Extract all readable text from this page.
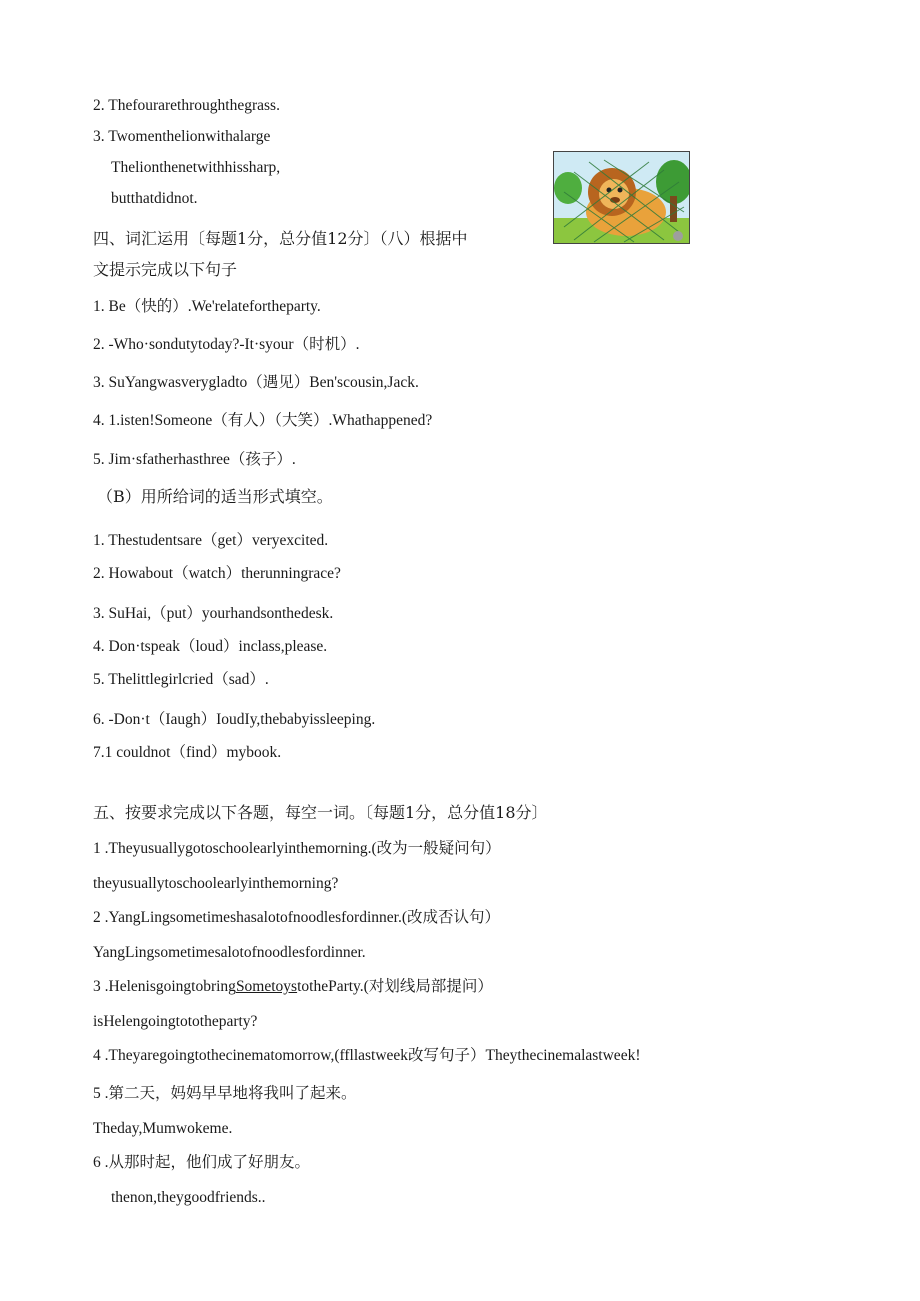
2. Thefourarethroughthegrass.
3. Twomenthelionwithalarge
Thelionthenetwithhissharp,
butthatdidnot.
四、词汇运用〔每题1分，总分值12分〕（八）根据中
文提示完成以下句子
1. Be（快的）.We'relatefortheparty.
2. -Who·sondutytoday?-It·syour（时机）.
3. SuYangwasverygladto（遇见）Ben'scousin,Jack.
4. 1.isten!Someone（有人）（大笑）.Whathappened?
5. Jim·sfatherhasthree（孩子）.
（B）用所给词的适当形式填空。
1. Thestudentsare（get）veryexcited.
2. Howabout（watch）therunningrace?
3. SuHai,（put）yourhandsonthedesk.
4. Don·tspeak（loud）inclass,please.
5. Thelittlegirlcried（sad）.
6. -Don·t（Iaugh）IoudIy,thebabyissleeping.
7.1 couldnot（find）mybook.
五、按要求完成以下各题，每空一词。〔每题1分，总分值18分〕
1 .Theyusuallygotoschoolearlyinthemorning.(改为一般疑问句）
theyusuallytoschoolearlyinthemorning?
2 .YangLingsometimeshasalotofnoodlesfordinner.(改成否认句）
YangLingsometimesalotofnoodlesfordinner.
3 .HelenisgoingtobringSometoystotheParty.(对划线局部提问）
isHelengoingtototheparty?
4 .Theyaregoingtothecinematomorrow,(ffllastweek改写句子）Theythecinemalastweek!
5 .第二天，妈妈早早地将我叫了起来。
Theday,Mumwokeme.
6 .从那时起，他们成了好朋友。
thenon,theygoodfriends..
